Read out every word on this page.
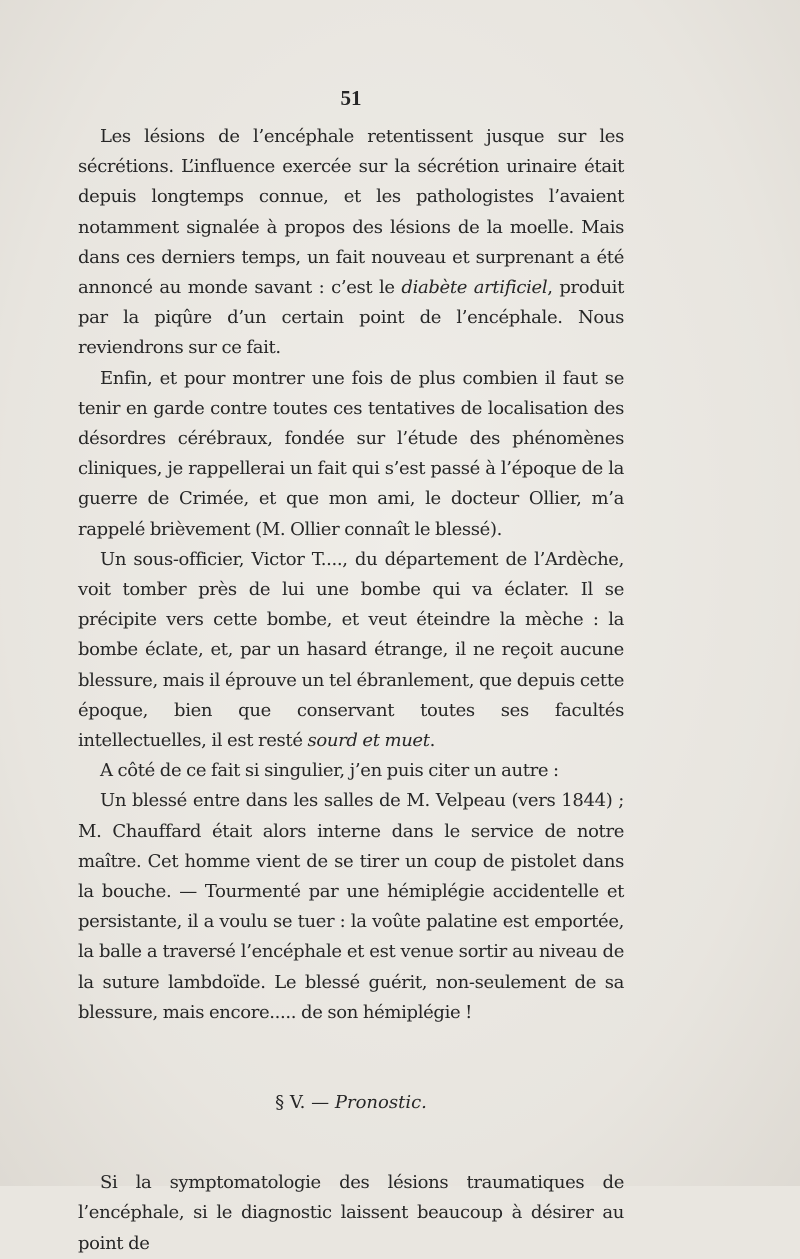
51

Les lésions de l’encéphale retentissent jusque sur les sécrétions. L’influence exercée sur la sécrétion urinaire était depuis longtemps connue, et les pathologistes l’avaient notamment signalée à propos des lésions de la moelle. Mais dans ces derniers temps, un fait nouveau et surprenant a été annoncé au monde savant : c’est le diabète artificiel, produit par la piqûre d’un certain point de l’encéphale. Nous reviendrons sur ce fait.

Enfin, et pour montrer une fois de plus combien il faut se tenir en garde contre toutes ces tentatives de localisation des désordres cérébraux, fondée sur l’étude des phénomènes cliniques, je rappellerai un fait qui s’est passé à l’époque de la guerre de Crimée, et que mon ami, le docteur Ollier, m’a rappelé brièvement (M. Ollier connaît le blessé).

Un sous-officier, Victor T...., du département de l’Ardèche, voit tomber près de lui une bombe qui va éclater. Il se précipite vers cette bombe, et veut éteindre la mèche : la bombe éclate, et, par un hasard étrange, il ne reçoit aucune blessure, mais il éprouve un tel ébranlement, que depuis cette époque, bien que conservant toutes ses facultés intellectuelles, il est resté sourd et muet.

A côté de ce fait si singulier, j’en puis citer un autre :

Un blessé entre dans les salles de M. Velpeau (vers 1844) ; M. Chauffard était alors interne dans le service de notre maître. Cet homme vient de se tirer un coup de pistolet dans la bouche. — Tourmenté par une hémiplégie accidentelle et persistante, il a voulu se tuer : la voûte palatine est emportée, la balle a traversé l’encéphale et est venue sortir au niveau de la suture lambdoïde. Le blessé guérit, non-seulement de sa blessure, mais encore..... de son hémiplégie !

§ V. — Pronostic.

Si la symptomatologie des lésions traumatiques de l’encéphale, si le diagnostic laissent beaucoup à désirer au point de
